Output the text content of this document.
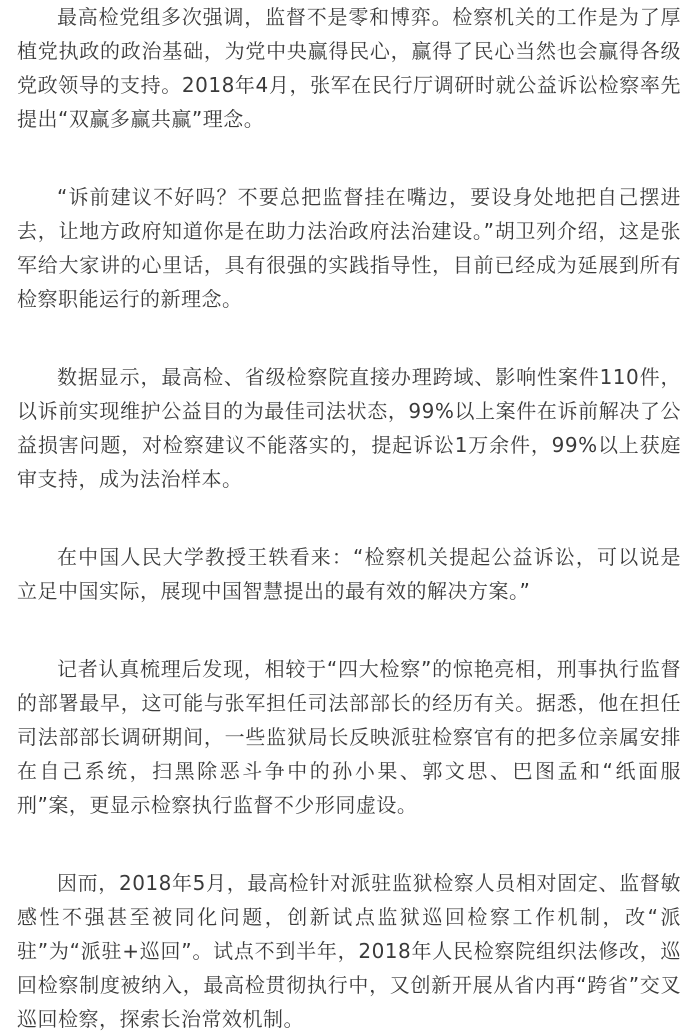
最高检党组多次强调，监督不是零和博弈。检察机关的工作是为了厚植党执政的政治基础，为党中央赢得民心，赢得了民心当然也会赢得各级党政领导的支持。2018年4月，张军在民行厅调研时就公益诉讼检察率先提出“双赢多赢共赢”理念。

“诉前建议不好吗？不要总把监督挂在嘴边，要设身处地把自己摆进去，让地方政府知道你是在助力法治政府法治建设。”胡卫列介绍，这是张军给大家讲的心里话，具有很强的实践指导性，目前已经成为延展到所有检察职能运行的新理念。

数据显示，最高检、省级检察院直接办理跨域、影响性案件110件，以诉前实现维护公益目的为最佳司法状态，99%以上案件在诉前解决了公益损害问题，对检察建议不能落实的，提起诉讼1万余件，99%以上获庭审支持，成为法治样本。

在中国人民大学教授王轶看来：“检察机关提起公益诉讼，可以说是立足中国实际，展现中国智慧提出的最有效的解决方案。”

记者认真梳理后发现，相较于“四大检察”的惊艳亮相，刑事执行监督的部署最早，这可能与张军担任司法部部长的经历有关。据悉，他在担任司法部部长调研期间，一些监狱局长反映派驻检察官有的把多位亲属安排在自己系统，扫黑除恶斗争中的孙小果、郭文思、巴图孟和“纸面服刑”案，更显示检察执行监督不少形同虚设。

因而，2018年5月，最高检针对派驻监狱检察人员相对固定、监督敏感性不强甚至被同化问题，创新试点监狱巡回检察工作机制，改“派驻”为“派驻+巡回”。试点不到半年，2018年人民检察院组织法修改，巡回检察制度被纳入，最高检贯彻执行中，又创新开展从省内再“跨省”交叉巡回检察，探索长治常效机制。
